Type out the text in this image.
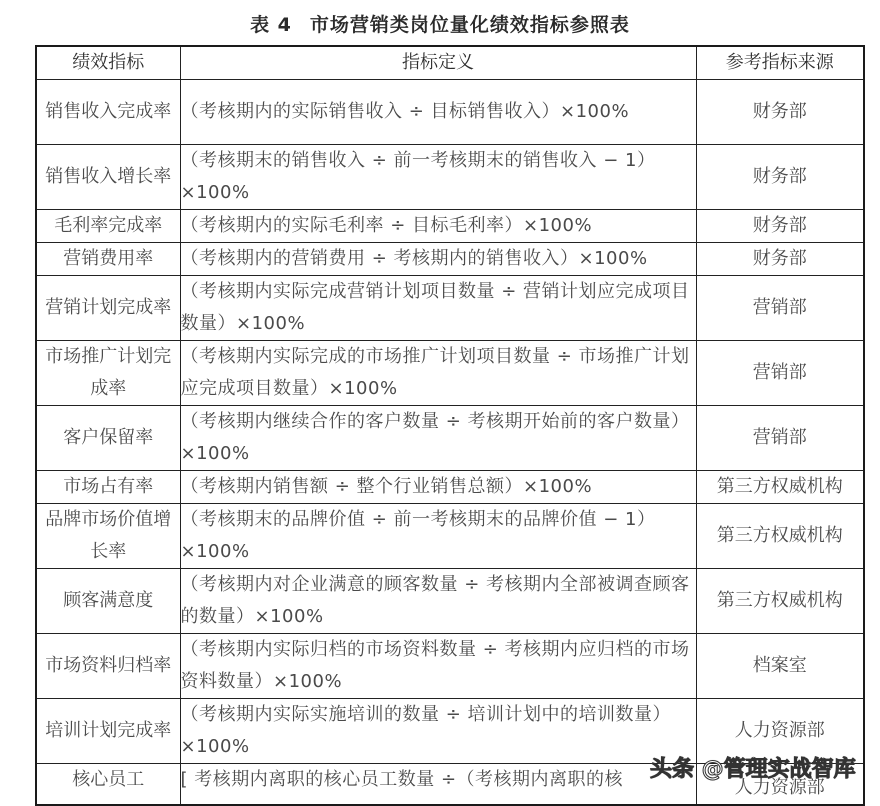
表 4 市场营销类岗位量化绩效指标参照表
绩效指标	指标定义	参考指标来源
销售收入完成率	（考核期内的实际销售收入 ÷ 目标销售收入）×100%	财务部
销售收入增长率	（考核期末的销售收入 ÷ 前一考核期末的销售收入 − 1）×100%	财务部
毛利率完成率	（考核期内的实际毛利率 ÷ 目标毛利率）×100%	财务部
营销费用率	（考核期内的营销费用 ÷ 考核期内的销售收入）×100%	财务部
营销计划完成率	（考核期内实际完成营销计划项目数量 ÷ 营销计划应完成项目数量）×100%	营销部
市场推广计划完成率	（考核期内实际完成的市场推广计划项目数量 ÷ 市场推广计划应完成项目数量）×100%	营销部
客户保留率	（考核期内继续合作的客户数量 ÷ 考核期开始前的客户数量）×100%	营销部
市场占有率	（考核期内销售额 ÷ 整个行业销售总额）×100%	第三方权威机构
品牌市场价值增长率	（考核期末的品牌价值 ÷ 前一考核期末的品牌价值 − 1）×100%	第三方权威机构
顾客满意度	（考核期内对企业满意的顾客数量 ÷ 考核期内全部被调查顾客的数量）×100%	第三方权威机构
市场资料归档率	（考核期内实际归档的市场资料数量 ÷ 考核期内应归档的市场资料数量）×100%	档案室
培训计划完成率	（考核期内实际实施培训的数量 ÷ 培训计划中的培训数量）×100%	人力资源部
核心员工	[ 考核期内离职的核心员工数量 ÷（考核期内离职的核	人力资源部
头条 @管理实战智库
